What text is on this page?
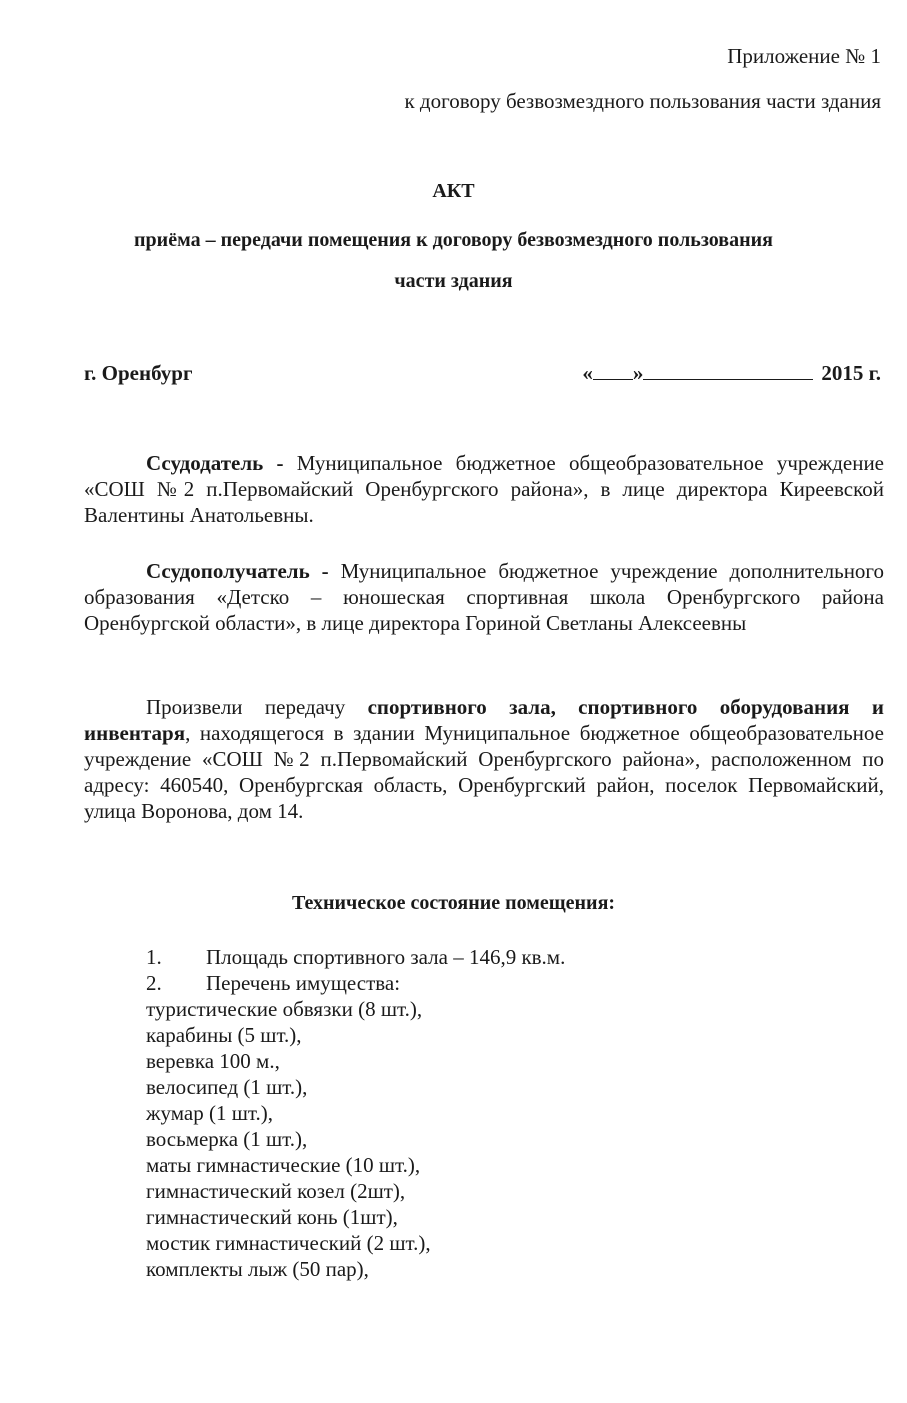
Приложение № 1
к договору безвозмездного пользования части здания
АКТ
приёма – передачи помещения к договору безвозмездного пользования
части здания
г. Оренбург	« »	2015 г.
Ссудодатель - Муниципальное бюджетное общеобразовательное учреждение «СОШ №2 п.Первомайский Оренбургского района», в лице директора Киреевской Валентины Анатольевны.
Ссудополучатель - Муниципальное бюджетное учреждение дополнительного образования «Детско – юношеская спортивная школа Оренбургского района Оренбургской области», в лице директора Гориной Светланы Алексеевны
Произвели передачу спортивного зала, спортивного оборудования и инвентаря, находящегося в здании Муниципальное бюджетное общеобразовательное учреждение «СОШ №2 п.Первомайский Оренбургского района», расположенном по адресу: 460540, Оренбургская область, Оренбургский район, поселок Первомайский, улица Воронова, дом 14.
Техническое состояние помещения:
1. Площадь спортивного зала – 146,9 кв.м.
2. Перечень имущества:
туристические обвязки (8 шт.),
карабины (5 шт.),
веревка 100 м.,
велосипед (1 шт.),
жумар (1 шт.),
восьмерка (1 шт.),
маты гимнастические (10 шт.),
гимнастический козел (2шт),
гимнастический конь (1шт),
мостик гимнастический (2 шт.),
комплекты лыж (50 пар),
